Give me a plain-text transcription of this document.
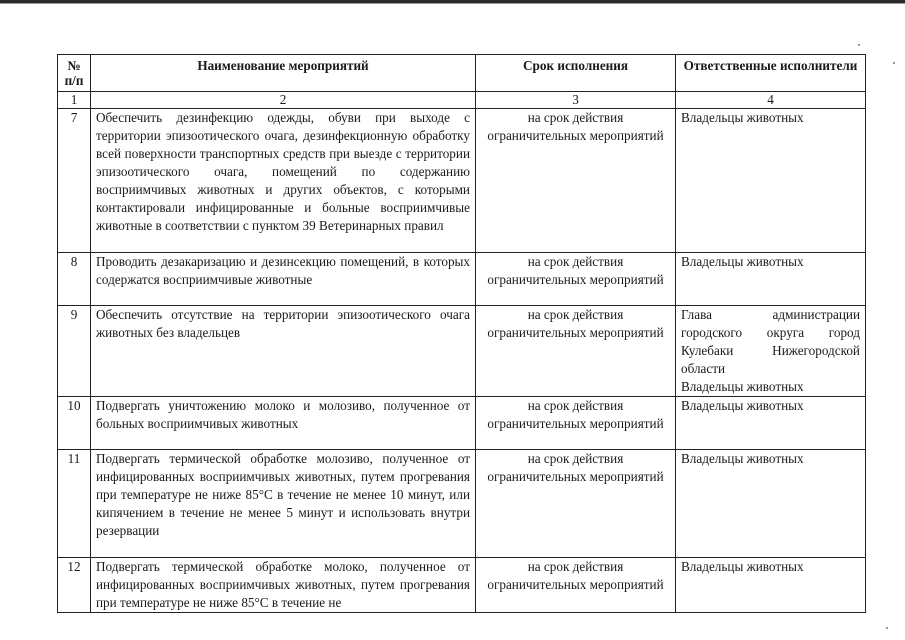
№ п/п	Наименование мероприятий	Срок исполнения	Ответственные исполнители
1	2	3	4
7	Обеспечить дезинфекцию одежды, обуви при выходе с территории эпизоотического очага, дезинфекционную обработку всей поверхности транспортных средств при выезде с территории эпизоотического очага, помещений по содержанию восприимчивых животных и других объектов, с которыми контактировали инфицированные и больные восприимчивые животные в соответствии с пунктом 39 Ветеринарных правил	на срок действия ограничительных мероприятий	Владельцы животных
8	Проводить дезакаризацию и дезинсекцию помещений, в которых содержатся восприимчивые животные	на срок действия ограничительных мероприятий	Владельцы животных
9	Обеспечить отсутствие на территории эпизоотического очага животных без владельцев	на срок действия ограничительных мероприятий	Глава администрации городского округа город Кулебаки Нижегородской области
Владельцы животных

10	Подвергать уничтожению молоко и молозиво, полученное от больных восприимчивых животных	на срок действия ограничительных мероприятий	Владельцы животных
11	Подвергать термической обработке молозиво, полученное от инфицированных восприимчивых животных, путем прогревания при температуре не ниже 85°С в течение не менее 10 минут, или кипячением в течение не менее 5 минут и использовать внутри резервации	на срок действия ограничительных мероприятий	Владельцы животных
12	Подвергать термической обработке молоко, полученное от инфицированных восприимчивых животных, путем прогревания при температуре не ниже 85°С в течение не	на срок действия ограничительных мероприятий	Владельцы животных
